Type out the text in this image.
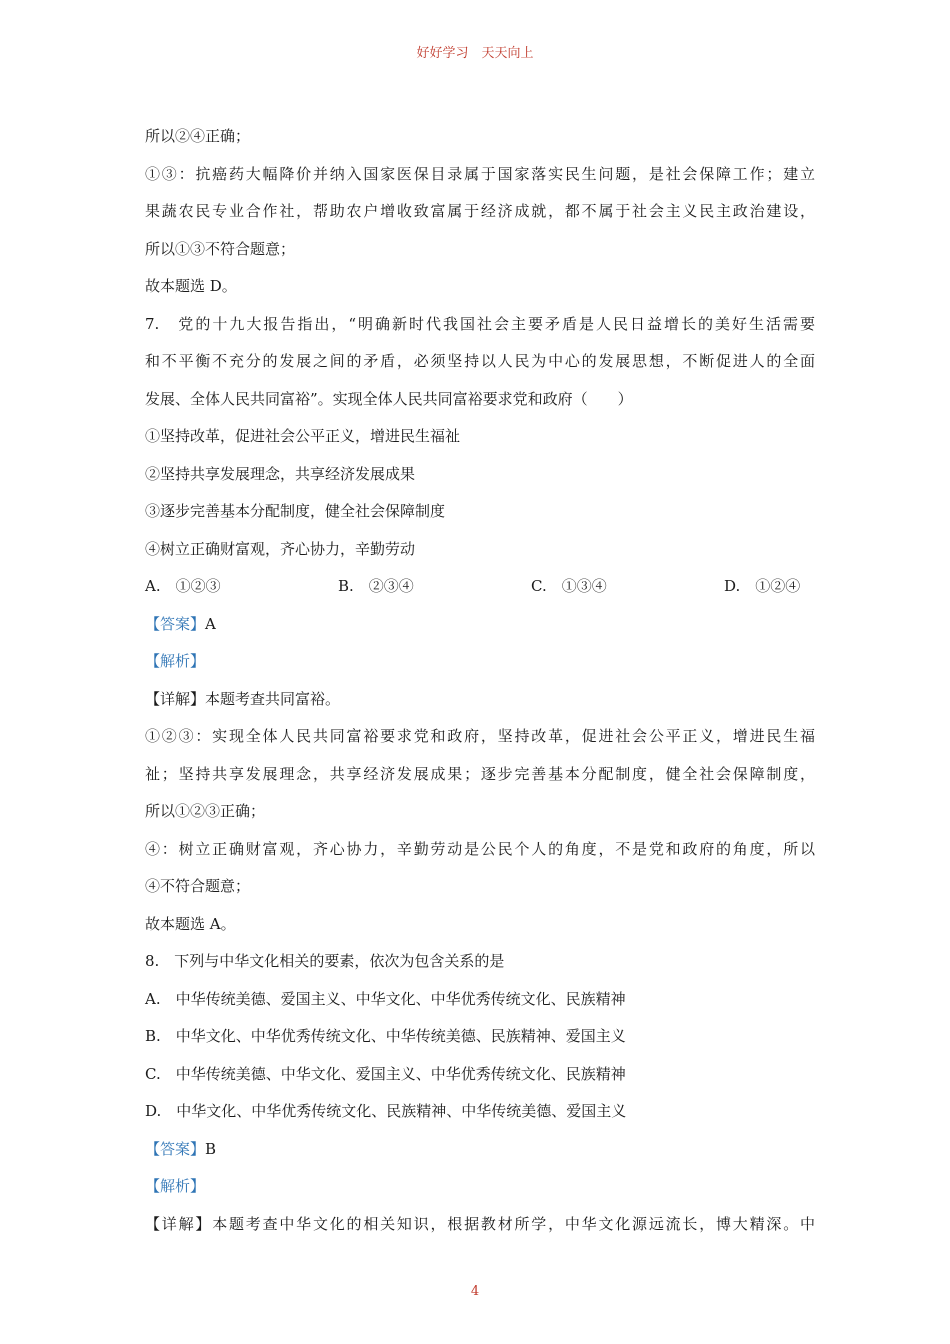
好好学习　天天向上
所以②④正确；
①③：抗癌药大幅降价并纳入国家医保目录属于国家落实民生问题，是社会保障工作；建立
果蔬农民专业合作社，帮助农户增收致富属于经济成就，都不属于社会主义民主政治建设，
所以①③不符合题意；
故本题选 D。
7.　党的十九大报告指出，“明确新时代我国社会主要矛盾是人民日益增长的美好生活需要
和不平衡不充分的发展之间的矛盾，必须坚持以人民为中心的发展思想，不断促进人的全面
发展、全体人民共同富裕”。实现全体人民共同富裕要求党和政府（　　）
①坚持改革，促进社会公平正义，增进民生福祉
②坚持共享发展理念，共享经济发展成果
③逐步完善基本分配制度，健全社会保障制度
④树立正确财富观，齐心协力，辛勤劳动
A.　①②③	B.　②③④	C.　①③④	D.　①②④
【答案】A
【解析】
【详解】本题考查共同富裕。
①②③：实现全体人民共同富裕要求党和政府，坚持改革，促进社会公平正义，增进民生福
祉；坚持共享发展理念，共享经济发展成果；逐步完善基本分配制度，健全社会保障制度，
所以①②③正确；
④：树立正确财富观，齐心协力，辛勤劳动是公民个人的角度，不是党和政府的角度，所以
④不符合题意；
故本题选 A。
8.　下列与中华文化相关的要素，依次为包含关系的是
A.　中华传统美德、爱国主义、中华文化、中华优秀传统文化、民族精神
B.　中华文化、中华优秀传统文化、中华传统美德、民族精神、爱国主义
C.　中华传统美德、中华文化、爱国主义、中华优秀传统文化、民族精神
D.　中华文化、中华优秀传统文化、民族精神、中华传统美德、爱国主义
【答案】B
【解析】
【详解】本题考查中华文化的相关知识，根据教材所学，中华文化源远流长，博大精深。中
4
